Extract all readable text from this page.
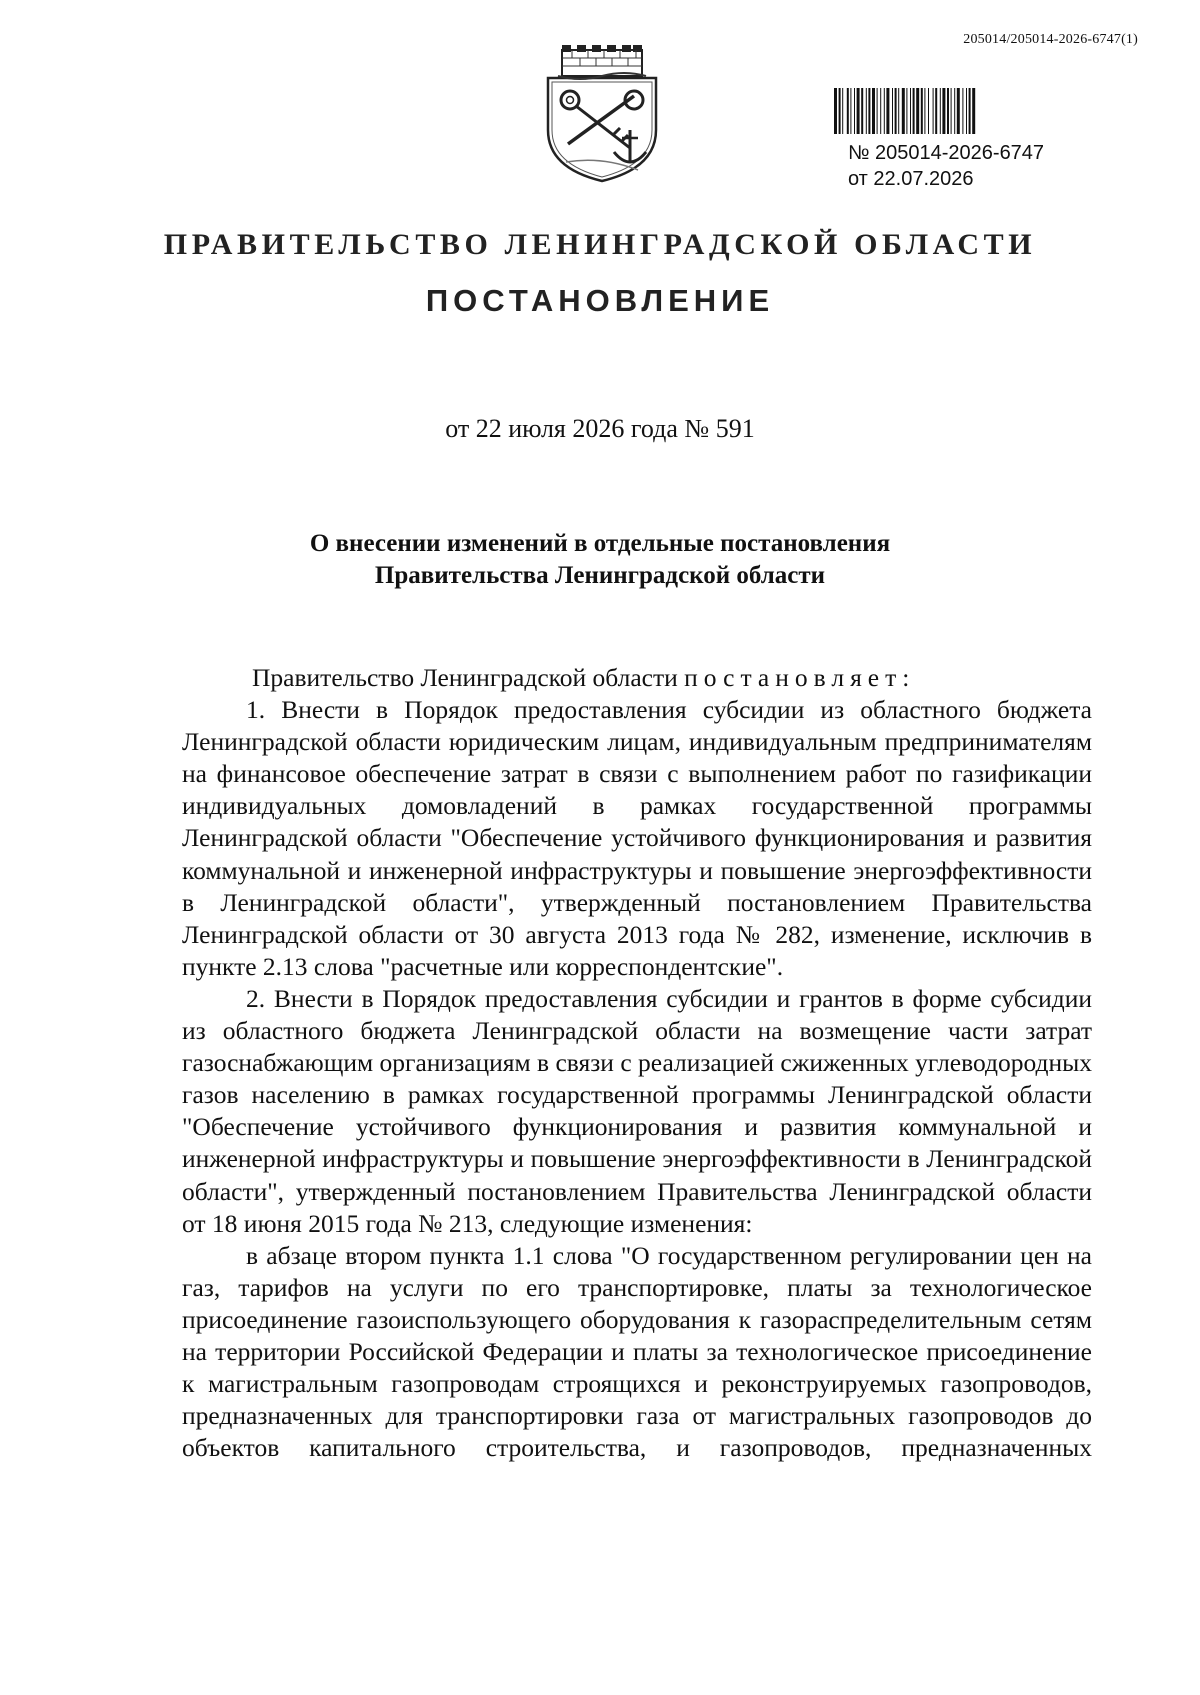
205014/205014-2026-6747(1)
№ 205014-2026-6747
от 22.07.2026
ПРАВИТЕЛЬСТВО ЛЕНИНГРАДСКОЙ ОБЛАСТИ
ПОСТАНОВЛЕНИЕ
от 22 июля 2026 года № 591
О внесении изменений в отдельные постановления
Правительства Ленинградской области

Правительство Ленинградской области постановляет:

1. Внести в Порядок предоставления субсидии из областного бюджета Ленинградской области юридическим лицам, индивидуальным предпринимателям на финансовое обеспечение затрат в связи с выполнением работ по газификации индивидуальных домовладений в рамках государственной программы Ленинградской области "Обеспечение устойчивого функционирования и развития коммунальной и инженерной инфраструктуры и повышение энергоэффективности в Ленинградской области", утвержденный постановлением Правительства Ленинградской области от 30 августа 2013 года № 282, изменение, исключив в пункте 2.13 слова "расчетные или корреспондентские".

2. Внести в Порядок предоставления субсидии и грантов в форме субсидии из областного бюджета Ленинградской области на возмещение части затрат газоснабжающим организациям в связи с реализацией сжиженных углеводородных газов населению в рамках государственной программы Ленинградской области "Обеспечение устойчивого функционирования и развития коммунальной и инженерной инфраструктуры и повышение энергоэффективности в Ленинградской области", утвержденный постановлением Правительства Ленинградской области от 18 июня 2015 года № 213, следующие изменения:

в абзаце втором пункта 1.1 слова "О государственном регулировании цен на газ, тарифов на услуги по его транспортировке, платы за технологическое присоединение газоиспользующего оборудования к газораспределительным сетям на территории Российской Федерации и платы за технологическое присоединение к магистральным газопроводам строящихся и реконструируемых газопроводов, предназначенных для транспортировки газа от магистральных газопроводов до объектов капитального строительства, и газопроводов, предназначенных
